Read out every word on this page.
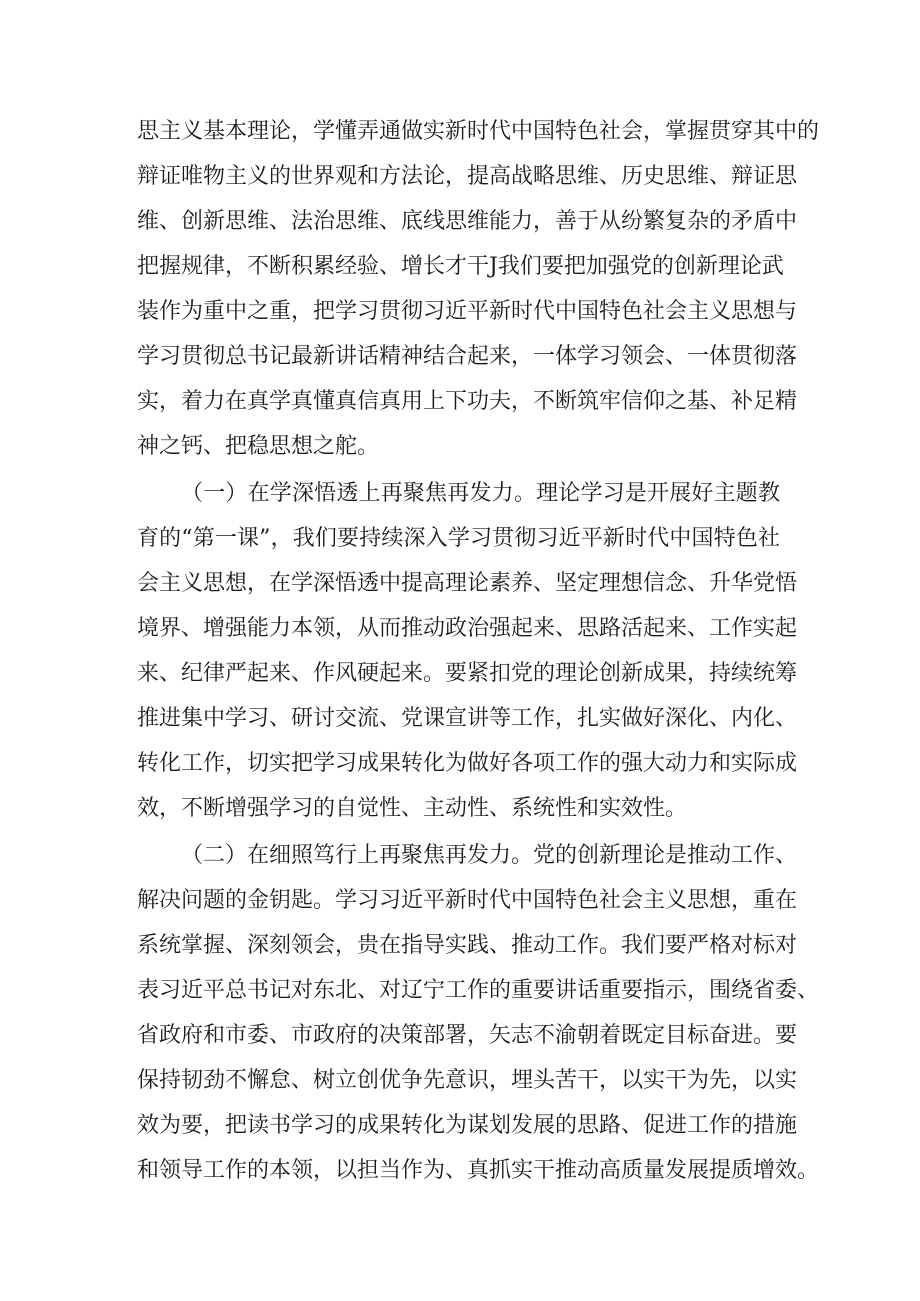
思主义基本理论，学懂弄通做实新时代中国特色社会，掌握贯穿其中的

辩证唯物主义的世界观和方法论，提高战略思维、历史思维、辩证思

维、创新思维、法治思维、底线思维能力，善于从纷繁复杂的矛盾中

把握规律，不断积累经验、增长才干J我们要把加强党的创新理论武

装作为重中之重，把学习贯彻习近平新时代中国特色社会主义思想与

学习贯彻总书记最新讲话精神结合起来，一体学习领会、一体贯彻落

实，着力在真学真懂真信真用上下功夫，不断筑牢信仰之基、补足精

神之钙、把稳思想之舵。

（一）在学深悟透上再聚焦再发力。理论学习是开展好主题教

育的“第一课”，我们要持续深入学习贯彻习近平新时代中国特色社

会主义思想，在学深悟透中提高理论素养、坚定理想信念、升华党悟

境界、增强能力本领，从而推动政治强起来、思路活起来、工作实起

来、纪律严起来、作风硬起来。要紧扣党的理论创新成果，持续统筹

推进集中学习、研讨交流、党课宣讲等工作，扎实做好深化、内化、

转化工作，切实把学习成果转化为做好各项工作的强大动力和实际成

效，不断增强学习的自觉性、主动性、系统性和实效性。

（二）在细照笃行上再聚焦再发力。党的创新理论是推动工作、

解决问题的金钥匙。学习习近平新时代中国特色社会主义思想，重在

系统掌握、深刻领会，贵在指导实践、推动工作。我们要严格对标对

表习近平总书记对东北、对辽宁工作的重要讲话重要指示，围绕省委、

省政府和市委、市政府的决策部署，矢志不渝朝着既定目标奋进。要

保持韧劲不懈怠、树立创优争先意识，埋头苦干，以实干为先，以实

效为要，把读书学习的成果转化为谋划发展的思路、促进工作的措施

和领导工作的本领，以担当作为、真抓实干推动高质量发展提质增效。
